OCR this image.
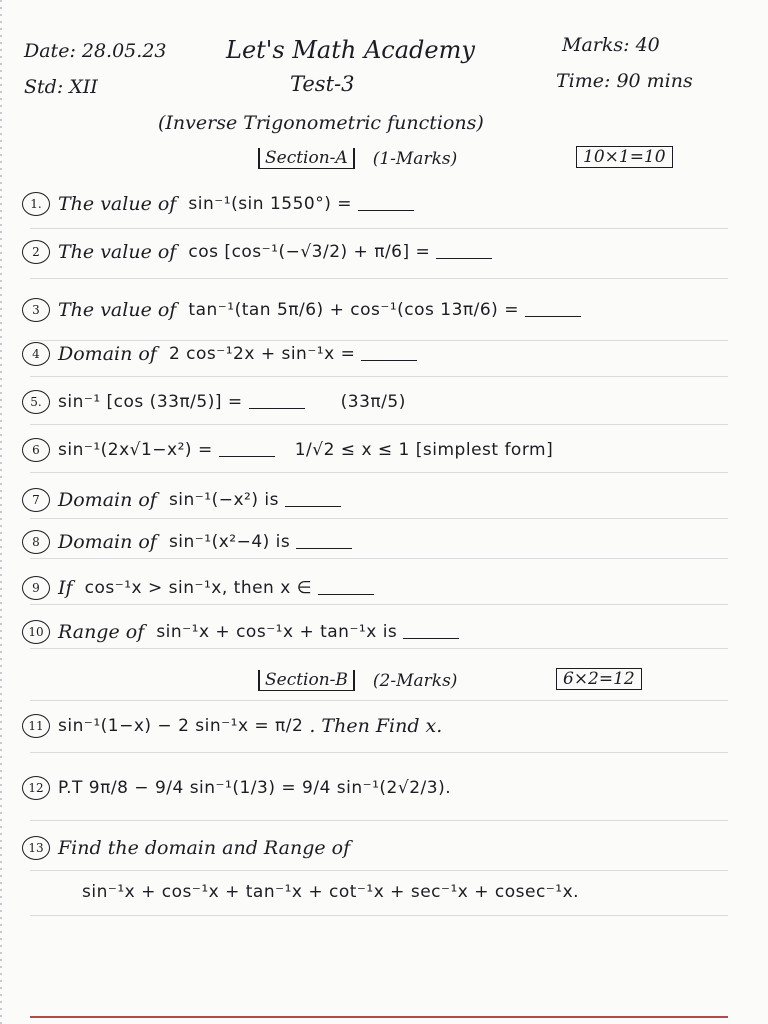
Date: 28.05.23
Std: XII
Let's Math Academy
Test-3
Marks: 40
Time: 90 mins
(Inverse Trigonometric functions)
Section-A	(1-Marks)	10×1=10
1. The value of
sin⁻¹(sin 1550°) =
2 The value of
cos [cos⁻¹(−√3/2) + π/6] =
3 The value of
tan⁻¹(tan 5π/6) + cos⁻¹(cos 13π/6) =
4 Domain of
2 cos⁻¹2x + sin⁻¹x =
5. sin⁻¹ [cos (33π/5)] =	(33π/5)
6	sin⁻¹(2x√1−x²) =	1/√2 ≤ x ≤ 1 [simplest form]
7 Domain of
sin⁻¹(−x²) is
8 Domain of
sin⁻¹(x²−4) is
9 If
cos⁻¹x > sin⁻¹x, then x ∈
10 Range of
sin⁻¹x + cos⁻¹x + tan⁻¹x is
Section-B	(2-Marks)	6×2=12
11 sin⁻¹(1−x) − 2 sin⁻¹x = π/2 . Then Find x.
12 P.T 9π/8 − 9/4 sin⁻¹(1/3) = 9/4 sin⁻¹(2√2/3).
13 Find the domain and Range of
sin⁻¹x + cos⁻¹x + tan⁻¹x + cot⁻¹x + sec⁻¹x + cosec⁻¹x.
